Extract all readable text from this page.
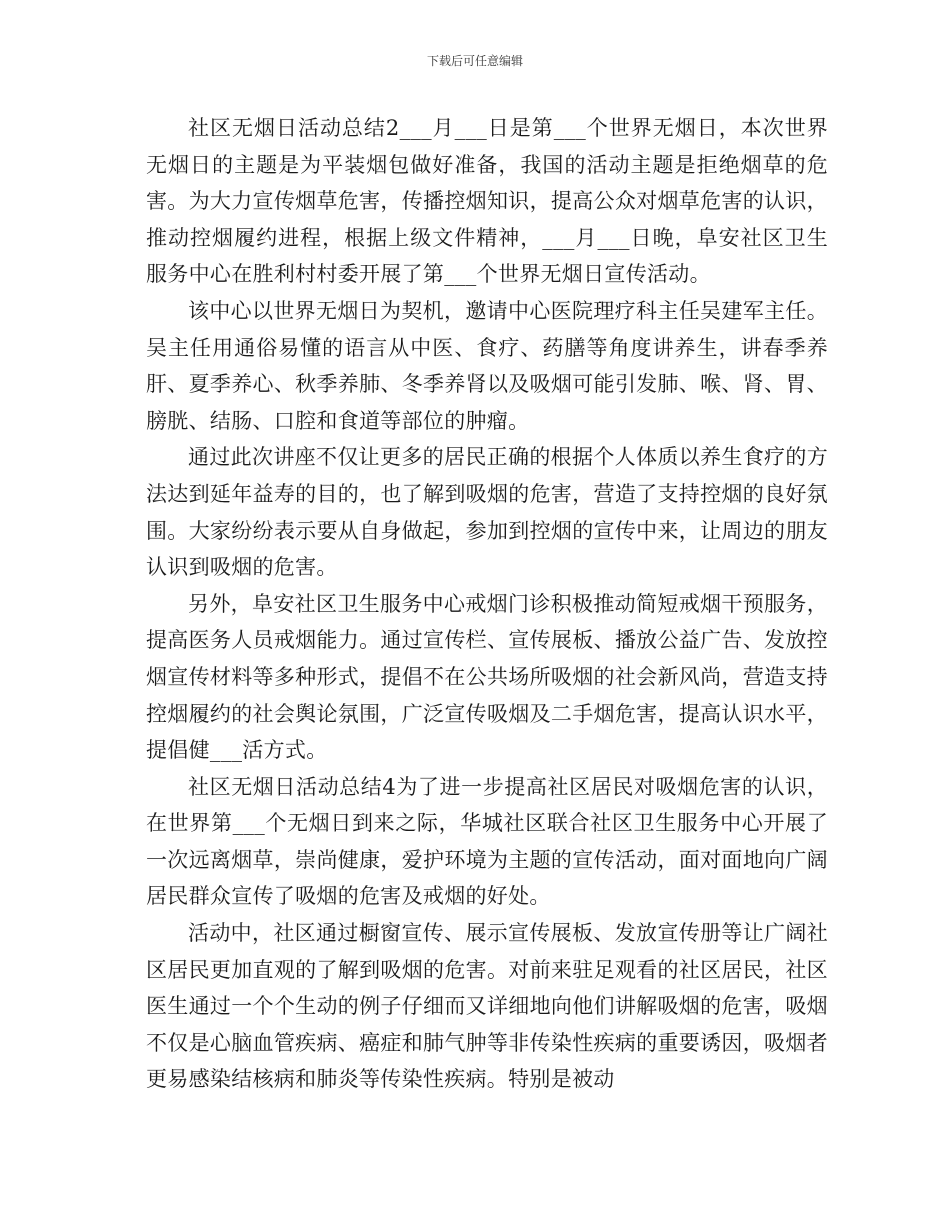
下载后可任意编辑

社区无烟日活动总结2___月___日是第___个世界无烟日，本次世界无烟日的主题是为平装烟包做好准备，我国的活动主题是拒绝烟草的危害。为大力宣传烟草危害，传播控烟知识，提高公众对烟草危害的认识，推动控烟履约进程，根据上级文件精神，___月___日晚，阜安社区卫生服务中心在胜利村村委开展了第___个世界无烟日宣传活动。

该中心以世界无烟日为契机，邀请中心医院理疗科主任吴建军主任。吴主任用通俗易懂的语言从中医、食疗、药膳等角度讲养生，讲春季养肝、夏季养心、秋季养肺、冬季养肾以及吸烟可能引发肺、喉、肾、胃、膀胱、结肠、口腔和食道等部位的肿瘤。

通过此次讲座不仅让更多的居民正确的根据个人体质以养生食疗的方法达到延年益寿的目的，也了解到吸烟的危害，营造了支持控烟的良好氛围。大家纷纷表示要从自身做起，参加到控烟的宣传中来，让周边的朋友认识到吸烟的危害。

另外，阜安社区卫生服务中心戒烟门诊积极推动简短戒烟干预服务，提高医务人员戒烟能力。通过宣传栏、宣传展板、播放公益广告、发放控烟宣传材料等多种形式，提倡不在公共场所吸烟的社会新风尚，营造支持控烟履约的社会舆论氛围，广泛宣传吸烟及二手烟危害，提高认识水平，提倡健___活方式。

社区无烟日活动总结4为了进一步提高社区居民对吸烟危害的认识，在世界第___个无烟日到来之际，华城社区联合社区卫生服务中心开展了一次远离烟草，崇尚健康，爱护环境为主题的宣传活动，面对面地向广阔居民群众宣传了吸烟的危害及戒烟的好处。

活动中，社区通过橱窗宣传、展示宣传展板、发放宣传册等让广阔社区居民更加直观的了解到吸烟的危害。对前来驻足观看的社区居民，社区医生通过一个个生动的例子仔细而又详细地向他们讲解吸烟的危害，吸烟不仅是心脑血管疾病、癌症和肺气肿等非传染性疾病的重要诱因，吸烟者更易感染结核病和肺炎等传染性疾病。特别是被动
